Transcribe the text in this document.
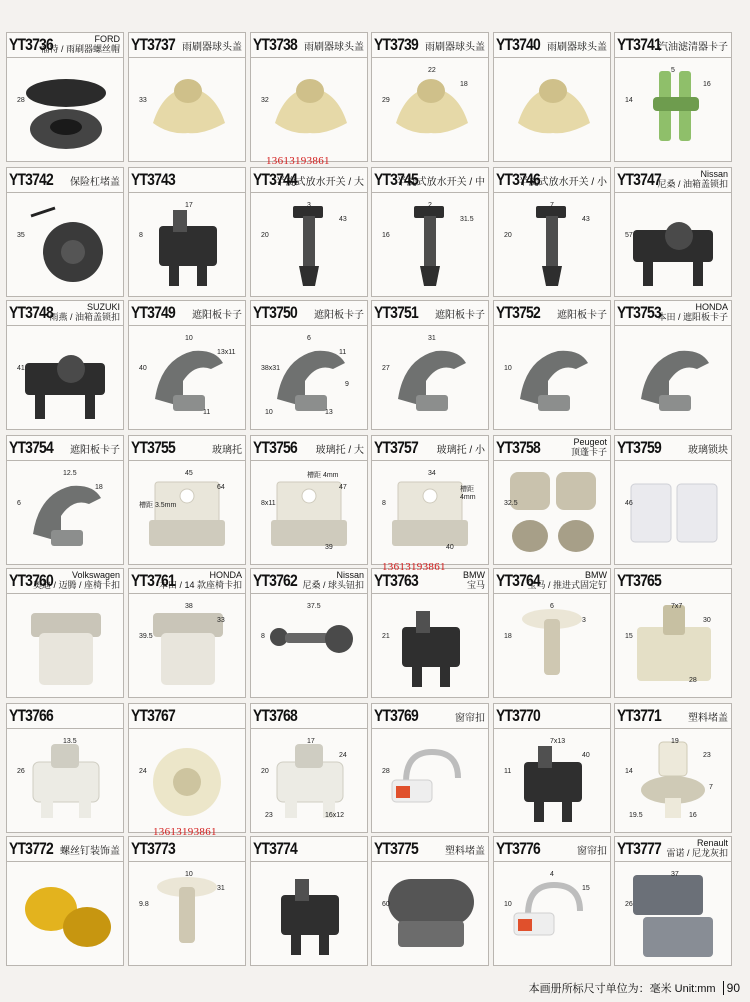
YT3736	FORD
福特 / 雨刷器螺丝帽
28
YT3737 雨刷器球头盖
33
YT3738 雨刷器球头盖
32
YT3739 雨刷器球头盖
29
22
18
YT3740 雨刷器球头盖 YT3741
汽油滤清器卡子
14
5
16
YT3742 保险杠堵盖
35
YT3743
8
17
YT3744
半旋式放水开关 / 大
20
3
43
YT3745
半旋式放水开关 / 中
16
2
31.5
YT3746
半旋式放水开关 / 小
20
7
43
YT3747	Nissan
尼桑 / 油箱盖锁扣
57
YT3748	SUZUKI
雨燕 / 油箱盖锁扣
41
YT3749 遮阳板卡子
40
10
13x11
11
YT3750 遮阳板卡子
38x31
6
11
13
10
9
YT3751 遮阳板卡子
27
31
YT3752 遮阳板卡子
10
YT3753	HONDA
本田 / 遮阳板卡子
YT3754 遮阳板卡子
6
12.5
18
YT3755	玻璃托
槽距 3.5mm
45
64
YT3756 玻璃托 / 大
8x11
槽距 4mm
47
39
YT3757 玻璃托 / 小
8
34
槽距 4mm
40
YT3758	Peugeot
顶蓬卡子
32.5
YT3759	玻璃锁块
46
YT3760 Volkswagen
奥迪 / 迈腾 / 座椅卡扣 YT3761	HONDA
本田 / 14 款座椅卡扣
39.5
38
33
YT3762	Nissan
尼桑 / 球头钮扣
8
37.5
YT3763	BMW
宝马
21
YT3764	BMW
宝马 / 推进式固定钉
18
6
3
YT3765
15
7x7
30
28
YT3766
26
13.5
YT3767
24
YT3768
20
17
24
16x12
23
YT3769	窗帘扣
28
YT3770
11
7x13
40
YT3771	塑料堵盖
14
19
23
16
19.5
7
YT3772 螺丝钉装饰盖 YT3773
9.8
10
31
YT3774	YT3775	塑料堵盖
60
YT3776	窗帘扣
10
4
15
YT3777	Renault
雷诺 / 尼龙灰扣
26
37
13613193861
13613193861
13613193861
本画册所标尺寸单位为：毫米 Unit:mm 90
